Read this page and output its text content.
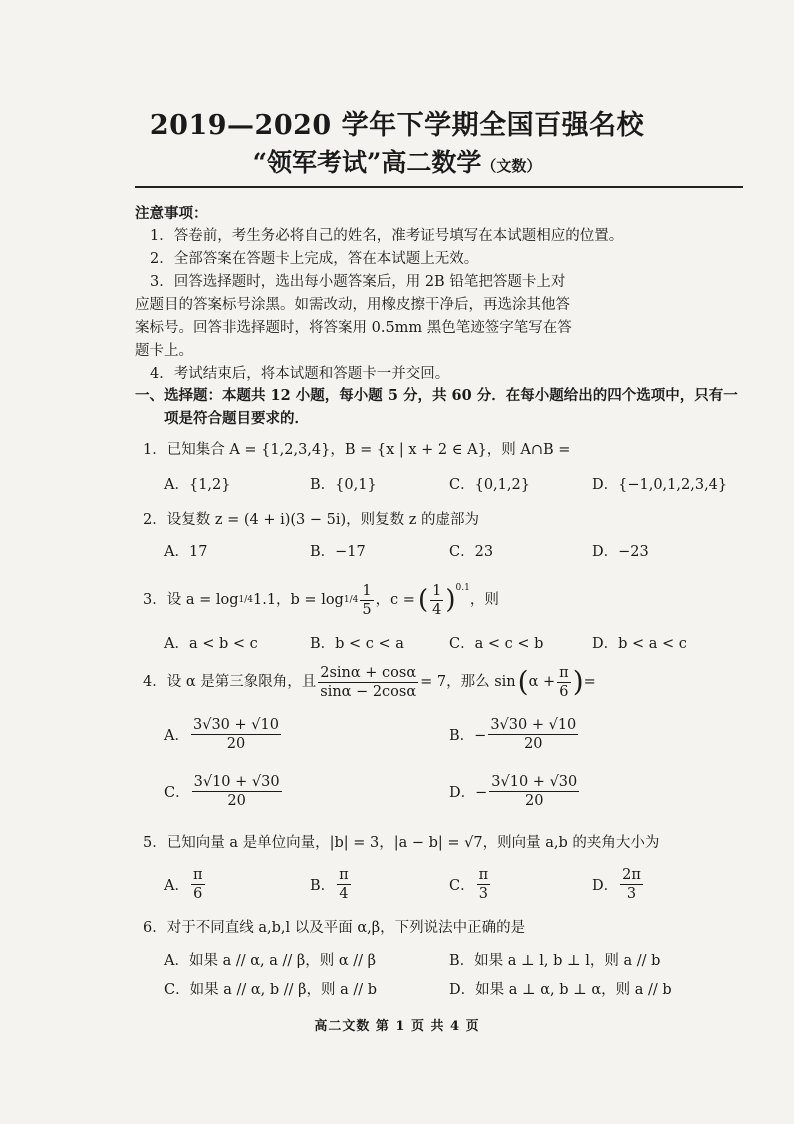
2019—2020 学年下学期全国百强名校
“领军考试”高二数学（文数）
注意事项：
1．答卷前，考生务必将自己的姓名，准考证号填写在本试题相应的位置。
2．全部答案在答题卡上完成，答在本试题上无效。
3．回答选择题时，选出每小题答案后，用 2B 铅笔把答题卡上对
应题目的答案标号涂黑。如需改动，用橡皮擦干净后，再选涂其他答
案标号。回答非选择题时，将答案用 0.5mm 黑色笔迹签字笔写在答
题卡上。
4．考试结束后，将本试题和答题卡一并交回。
一、选择题：本题共 12 小题，每小题 5 分，共 60 分．在每小题给出的四个选项中，只有一
项是符合题目要求的．
1．已知集合 A = {1,2,3,4}，B = {x | x + 2 ∈ A}，则 A∩B =
A．{1,2}	B．{0,1}	C．{0,1,2}	D．{−1,0,1,2,3,4}
2．设复数 z = (4 + i)(3 − 5i)，则复数 z 的虚部为
A．17	B．−17	C．23	D．−23
3．设 a = log 1/4 1.1，$b = \log 1/4 \frac{1}{5}$ ，c = ( $\frac{1}{4} )^{0.1}$
，则
A．a < b < c	B．b < c < a	C．a < c < b	D．b < a < c
4．设 α 是第三象限角，且 $\frac{2\sin\alpha + \cos\alpha}{\sin\alpha - 2\cos\alpha} = 7$，那么 sin ( $\alpha + \frac{\pi}{6}$ ) =
A． $\frac{3√30 + √10}{20}$	B．− $\frac{3√30 + √10}{20}$
C． $\frac{3√10 + √30}{20}$	D．− $\frac{3√10 + √30}{20}$
5．已知向量 a 是单位向量，|b| = 3，|a − b| = √7，则向量 a,b 的夹角大小为
A． $\frac{\pi}{6}$	B． $\frac{\pi}{4}$	C． $\frac{\pi}{3}$	D． $\frac{2\pi}{3}$
6．对于不同直线 a,b,l 以及平面 α,β，下列说法中正确的是
A．如果 a // α, a // β，则 α // β	B．如果 a ⊥ l, b ⊥ l，则 a // b
C．如果 a // α, b // β，则 a // b	D．如果 a ⊥ α, b ⊥ α，则 a // b
高二文数 第 1 页 共 4 页
